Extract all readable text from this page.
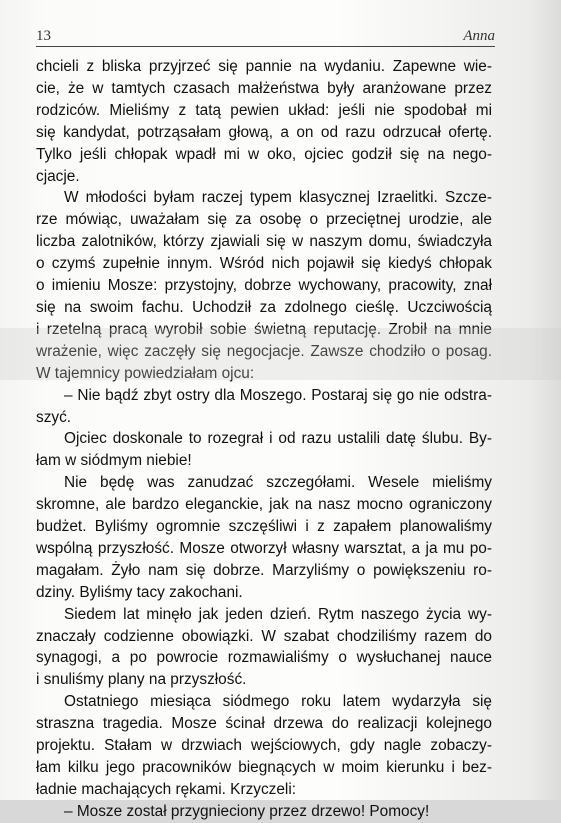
13	Anna
chcieli z bliska przyjrzeć się pannie na wydaniu. Zapewne wie-
cie, że w tamtych czasach małżeństwa były aranżowane przez
rodziców. Mieliśmy z tatą pewien układ: jeśli nie spodobał mi
się kandydat, potrząsałam głową, a on od razu odrzucał ofertę.
Tylko jeśli chłopak wpadł mi w oko, ojciec godził się na nego-
cjacje.
W młodości byłam raczej typem klasycznej Izraelitki. Szcze-
rze mówiąc, uważałam się za osobę o przeciętnej urodzie, ale
liczba zalotników, którzy zjawiali się w naszym domu, świadczyła
o czymś zupełnie innym. Wśród nich pojawił się kiedyś chłopak
o imieniu Mosze: przystojny, dobrze wychowany, pracowity, znał
się na swoim fachu. Uchodził za zdolnego cieślę. Uczciwością
i rzetelną pracą wyrobił sobie świetną reputację. Zrobił na mnie
wrażenie, więc zaczęły się negocjacje. Zawsze chodziło o posag.
W tajemnicy powiedziałam ojcu:
– Nie bądź zbyt ostry dla Moszego. Postaraj się go nie odstra-
szyć.
Ojciec doskonale to rozegrał i od razu ustalili datę ślubu. By-
łam w siódmym niebie!
Nie będę was zanudzać szczegółami. Wesele mieliśmy
skromne, ale bardzo eleganckie, jak na nasz mocno ograniczony
budżet. Byliśmy ogromnie szczęśliwi i z zapałem planowaliśmy
wspólną przyszłość. Mosze otworzył własny warsztat, a ja mu po-
magałam. Żyło nam się dobrze. Marzyliśmy o powiększeniu ro-
dziny. Byliśmy tacy zakochani.
Siedem lat minęło jak jeden dzień. Rytm naszego życia wy-
znaczały codzienne obowiązki. W szabat chodziliśmy razem do
synagogi, a po powrocie rozmawialiśmy o wysłuchanej nauce
i snuliśmy plany na przyszłość.
Ostatniego miesiąca siódmego roku latem wydarzyła się
straszna tragedia. Mosze ścinał drzewa do realizacji kolejnego
projektu. Stałam w drzwiach wejściowych, gdy nagle zobaczy-
łam kilku jego pracowników biegnących w moim kierunku i bez-
ładnie machających rękami. Krzyczeli:
– Mosze został przygnieciony przez drzewo! Pomocy!
